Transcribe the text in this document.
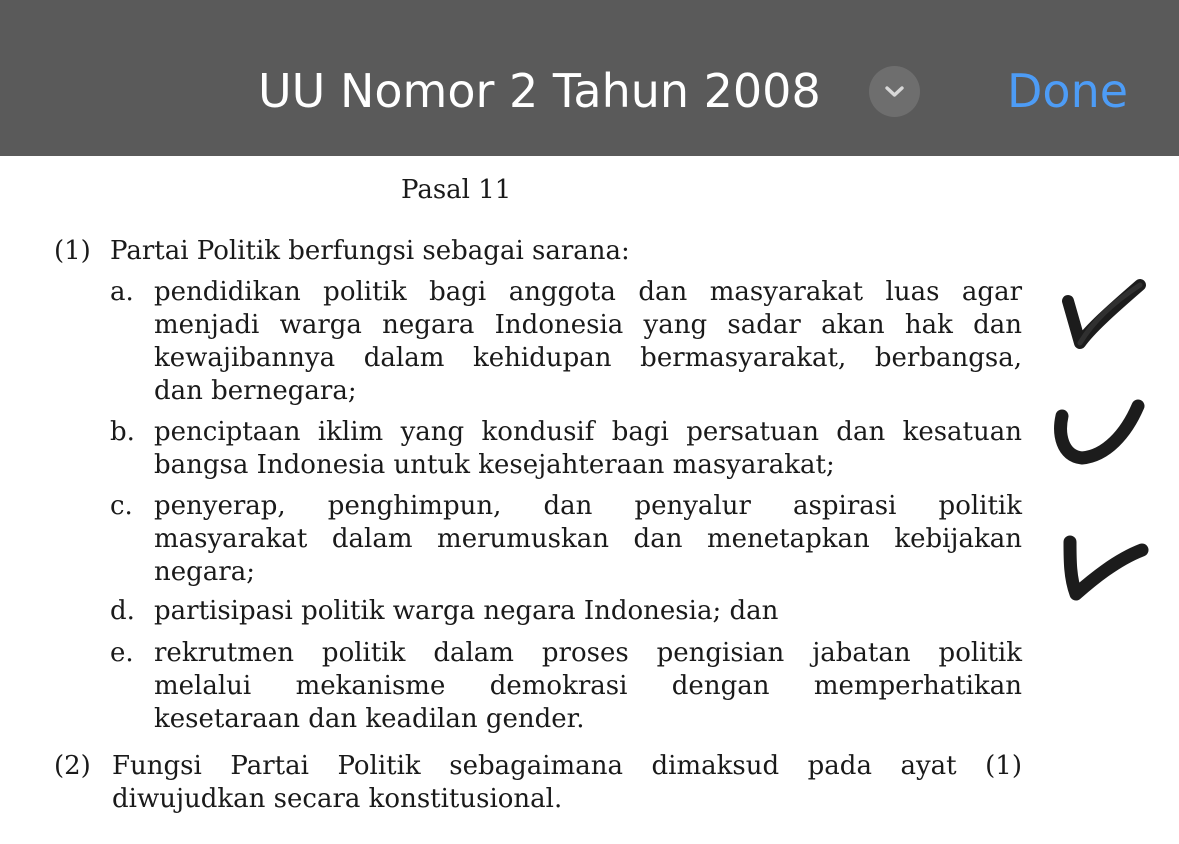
UU Nomor 2 Tahun 2008	Done
Pasal 11
(1) Partai Politik berfungsi sebagai sarana:
a. pendidikan politik bagi anggota dan masyarakat luas agar
menjadi warga negara Indonesia yang sadar akan hak dan
kewajibannya dalam kehidupan bermasyarakat, berbangsa,
dan bernegara;
b. penciptaan iklim yang kondusif bagi persatuan dan kesatuan
bangsa Indonesia untuk kesejahteraan masyarakat;
c. penyerap, penghimpun, dan penyalur aspirasi politik
masyarakat dalam merumuskan dan menetapkan kebijakan
negara;
d. partisipasi politik warga negara Indonesia; dan
e. rekrutmen politik dalam proses pengisian jabatan politik
melalui mekanisme demokrasi dengan memperhatikan
kesetaraan dan keadilan gender.
(2) Fungsi Partai Politik sebagaimana dimaksud pada ayat (1)
diwujudkan secara konstitusional.
